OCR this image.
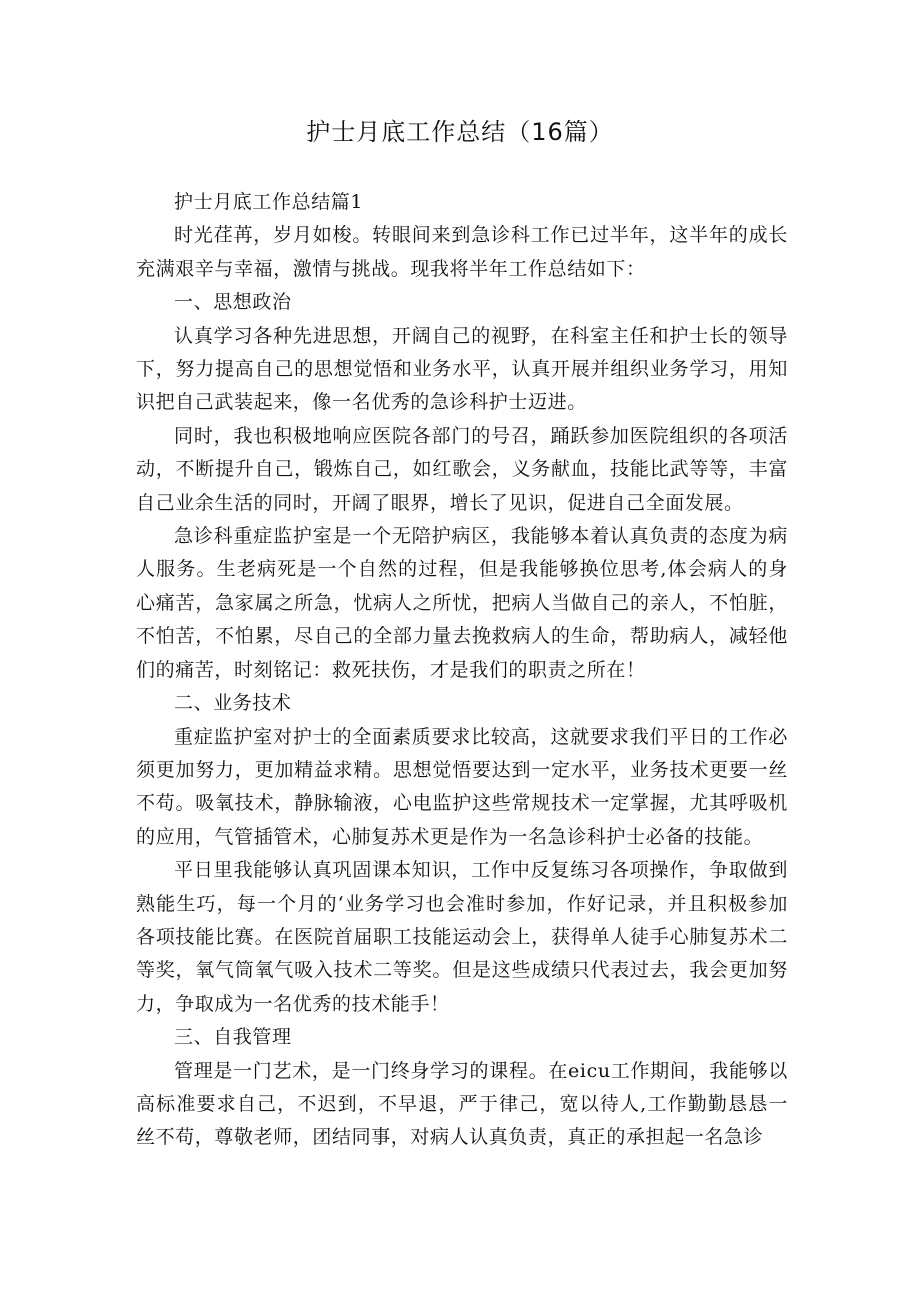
护士月底工作总结（16篇）

护士月底工作总结篇1

时光荏苒，岁月如梭。转眼间来到急诊科工作已过半年，这半年的成长充满艰辛与幸福，激情与挑战。现我将半年工作总结如下：

一、思想政治

认真学习各种先进思想，开阔自己的视野，在科室主任和护士长的领导下，努力提高自己的思想觉悟和业务水平，认真开展并组织业务学习，用知识把自己武装起来，像一名优秀的急诊科护士迈进。

同时，我也积极地响应医院各部门的号召，踊跃参加医院组织的各项活动，不断提升自己，锻炼自己，如红歌会，义务献血，技能比武等等，丰富自己业余生活的同时，开阔了眼界，增长了见识，促进自己全面发展。

急诊科重症监护室是一个无陪护病区，我能够本着认真负责的态度为病人服务。生老病死是一个自然的过程，但是我能够换位思考,体会病人的身心痛苦，急家属之所急，忧病人之所忧，把病人当做自己的亲人，不怕脏，不怕苦，不怕累，尽自己的全部力量去挽救病人的生命，帮助病人，减轻他们的痛苦，时刻铭记：救死扶伤，才是我们的职责之所在！

二、业务技术

重症监护室对护士的全面素质要求比较高，这就要求我们平日的工作必须更加努力，更加精益求精。思想觉悟要达到一定水平，业务技术更要一丝不苟。吸氧技术，静脉输液，心电监护这些常规技术一定掌握，尤其呼吸机的应用，气管插管术，心肺复苏术更是作为一名急诊科护士必备的技能。

平日里我能够认真巩固课本知识，工作中反复练习各项操作，争取做到熟能生巧，每一个月的‘业务学习也会准时参加，作好记录，并且积极参加各项技能比赛。在医院首届职工技能运动会上，获得单人徒手心肺复苏术二等奖，氧气筒氧气吸入技术二等奖。但是这些成绩只代表过去，我会更加努力，争取成为一名优秀的技术能手！

三、自我管理

管理是一门艺术，是一门终身学习的课程。在eicu工作期间，我能够以高标准要求自己，不迟到，不早退，严于律己，宽以待人,工作勤勤恳恳一丝不苟，尊敬老师，团结同事，对病人认真负责，真正的承担起一名急诊
